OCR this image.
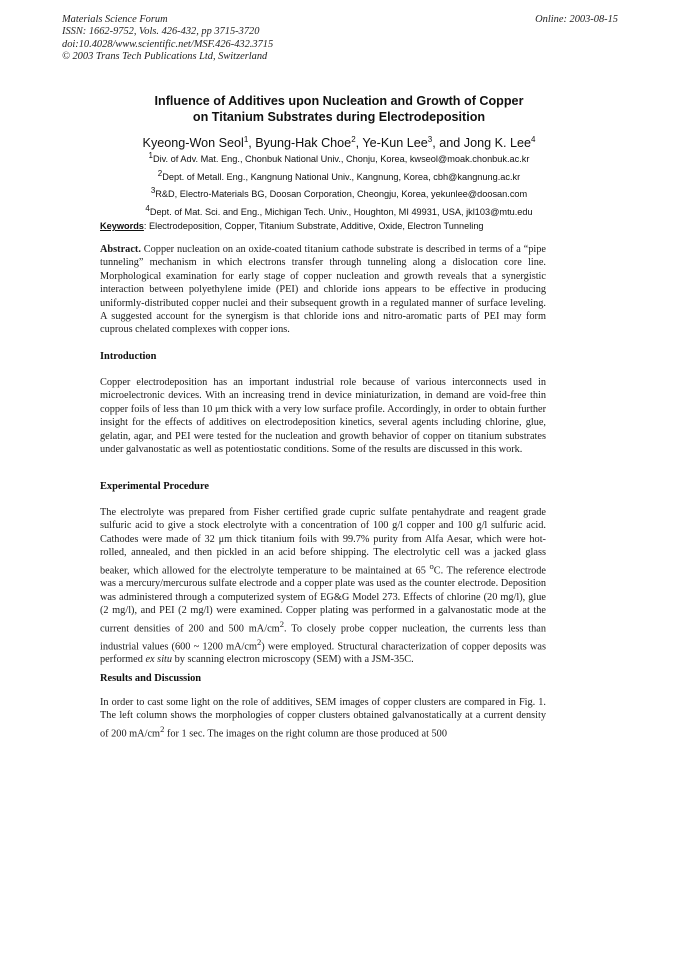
Materials Science Forum
ISSN: 1662-9752, Vols. 426-432, pp 3715-3720
doi:10.4028/www.scientific.net/MSF.426-432.3715
© 2003 Trans Tech Publications Ltd, Switzerland
Online: 2003-08-15
Influence of Additives upon Nucleation and Growth of Copper
on Titanium Substrates during Electrodeposition
Kyeong-Won Seol$^1$, Byung-Hak Choe$^2$, Ye-Kun Lee$^3$, and Jong K. Lee$^4$
$^1$Div. of Adv. Mat. Eng., Chonbuk National Univ., Chonju, Korea, kwseol@moak.chonbuk.ac.kr
$^2$Dept. of Metall. Eng., Kangnung National Univ., Kangnung, Korea, cbh@kangnung.ac.kr
$^3$R&D, Electro-Materials BG, Doosan Corporation, Cheongju, Korea, yekunlee@doosan.com
$^4$Dept. of Mat. Sci. and Eng., Michigan Tech. Univ., Houghton, MI 49931, USA, jkl103@mtu.edu
Keywords: Electrodeposition, Copper, Titanium Substrate, Additive, Oxide, Electron Tunneling
Abstract. Copper nucleation on an oxide-coated titanium cathode substrate is described in terms of a “pipe tunneling” mechanism in which electrons transfer through tunneling along a dislocation core line. Morphological examination for early stage of copper nucleation and growth reveals that a synergistic interaction between polyethylene imide (PEI) and chloride ions appears to be effective in producing uniformly-distributed copper nuclei and their subsequent growth in a regulated manner of surface leveling. A suggested account for the synergism is that chloride ions and nitro-aromatic parts of PEI may form cuprous chelated complexes with copper ions.
Introduction
Copper electrodeposition has an important industrial role because of various interconnects used in microelectronic devices. With an increasing trend in device miniaturization, in demand are void-free thin copper foils of less than 10 μm thick with a very low surface profile. Accordingly, in order to obtain further insight for the effects of additives on electrodeposition kinetics, several agents including chlorine, glue, gelatin, agar, and PEI were tested for the nucleation and growth behavior of copper on titanium substrates under galvanostatic as well as potentiostatic conditions. Some of the results are discussed in this work.
Experimental Procedure
The electrolyte was prepared from Fisher certified grade cupric sulfate pentahydrate and reagent grade sulfuric acid to give a stock electrolyte with a concentration of 100 g/l copper and 100 g/l sulfuric acid. Cathodes were made of 32 μm thick titanium foils with 99.7% purity from Alfa Aesar, which were hot-rolled, annealed, and then pickled in an acid before shipping. The electrolytic cell was a jacked glass beaker, which allowed for the electrolyte temperature to be maintained at 65 $^o$C. The reference electrode was a mercury/mercurous sulfate electrode and a copper plate was used as the counter electrode. Deposition was administered through a computerized system of EG&G Model 273. Effects of chlorine (20 mg/l), glue (2 mg/l), and PEI (2 mg/l) were examined. Copper plating was performed in a galvanostatic mode at the current densities of 200 and 500 $mA/cm^2$. To closely probe copper nucleation, the currents less than industrial values (600 ~ 1200 $mA/cm^2$) were employed. Structural characterization of copper deposits was performed ex situ by scanning electron microscopy (SEM) with a JSM-35C.
Results and Discussion
In order to cast some light on the role of additives, SEM images of copper clusters are compared in Fig. 1. The left column shows the morphologies of copper clusters obtained galvanostatically at a current density of 200 $mA/cm^2$ for 1 sec. The images on the right column are those produced at 500
